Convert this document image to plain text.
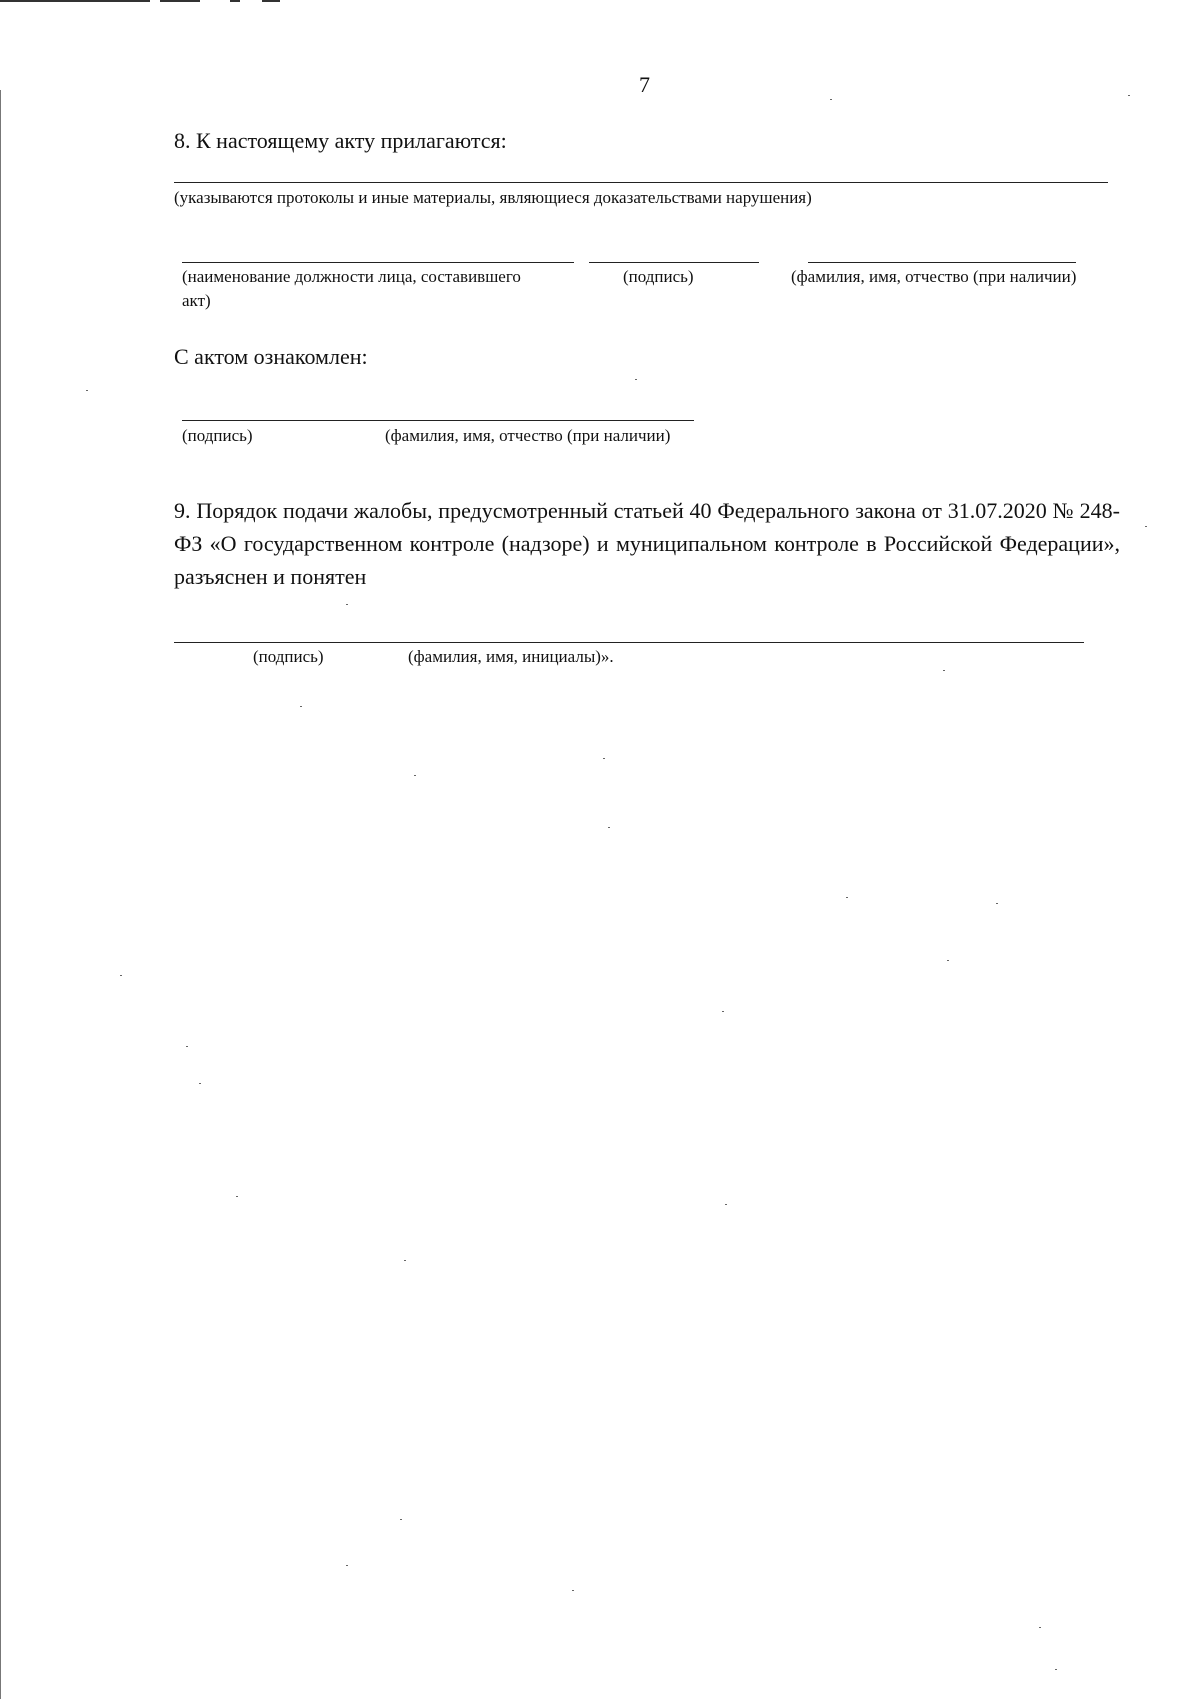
7
8. К настоящему акту прилагаются:
(указываются протоколы и иные материалы, являющиеся доказательствами нарушения)
(наименование должности лица, составившего
акт)
(подпись)	(фамилия, имя, отчество (при наличии)
С актом ознакомлен:
(подпись)	(фамилия, имя, отчество (при наличии)
9. Порядок подачи жалобы, предусмотренный статьей 40 Федерального закона от 31.07.2020 № 248-ФЗ «О государственном контроле (надзоре) и муниципальном контроле в Российской Федерации», разъяснен и понятен
(подпись)	(фамилия, имя, инициалы)».
